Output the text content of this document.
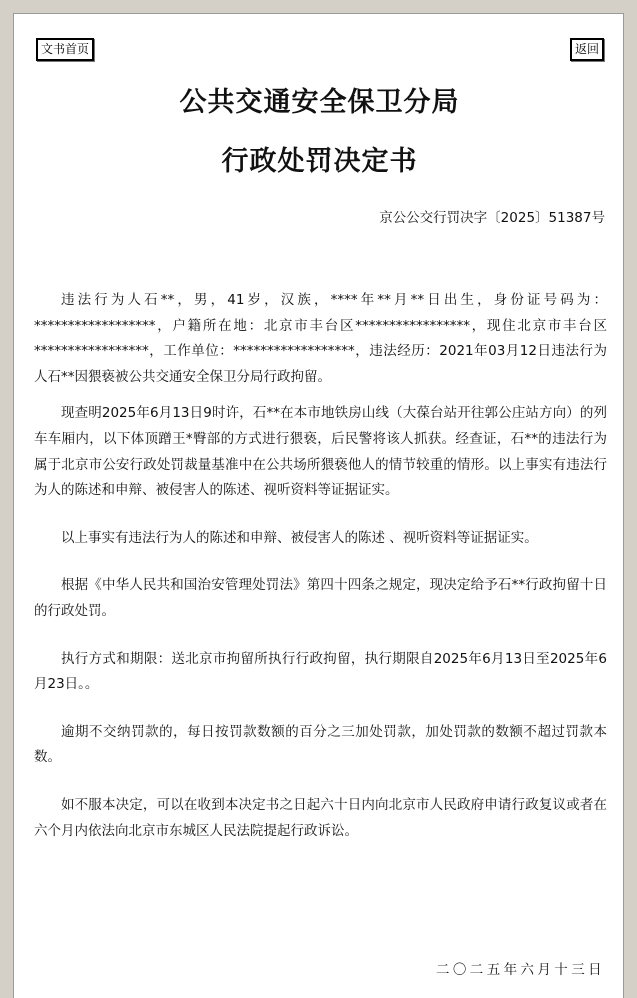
文书首页	返回
公共交通安全保卫分局
行政处罚决定书
京公公交行罚决字〔2025〕51387号

违法行为人石**，男，41岁，汉族，****年**月**日出生，身份证号码为：******************，户籍所在地：北京市丰台区*****************，现住北京市丰台区*****************，工作单位：******************，违法经历：2021年03月12日违法行为人石**因猥亵被公共交通安全保卫分局行政拘留。

现查明2025年6月13日9时许，石**在本市地铁房山线（大葆台站开往郭公庄站方向）的列车车厢内，以下体顶蹭王*臀部的方式进行猥亵，后民警将该人抓获。经查证，石**的违法行为属于北京市公安行政处罚裁量基准中在公共场所猥亵他人的情节较重的情形。以上事实有违法行为人的陈述和申辩、被侵害人的陈述、视听资料等证据证实。

以上事实有违法行为人的陈述和申辩、被侵害人的陈述 、视听资料等证据证实。

根据《中华人民共和国治安管理处罚法》第四十四条之规定，现决定给予石**行政拘留十日的行政处罚。

执行方式和期限：送北京市拘留所执行行政拘留，执行期限自2025年6月13日至2025年6月23日。。

逾期不交纳罚款的，每日按罚款数额的百分之三加处罚款，加处罚款的数额不超过罚款本数。

如不服本决定，可以在收到本决定书之日起六十日内向北京市人民政府申请行政复议或者在六个月内依法向北京市东城区人民法院提起行政诉讼。

二〇二五年六月十三日
